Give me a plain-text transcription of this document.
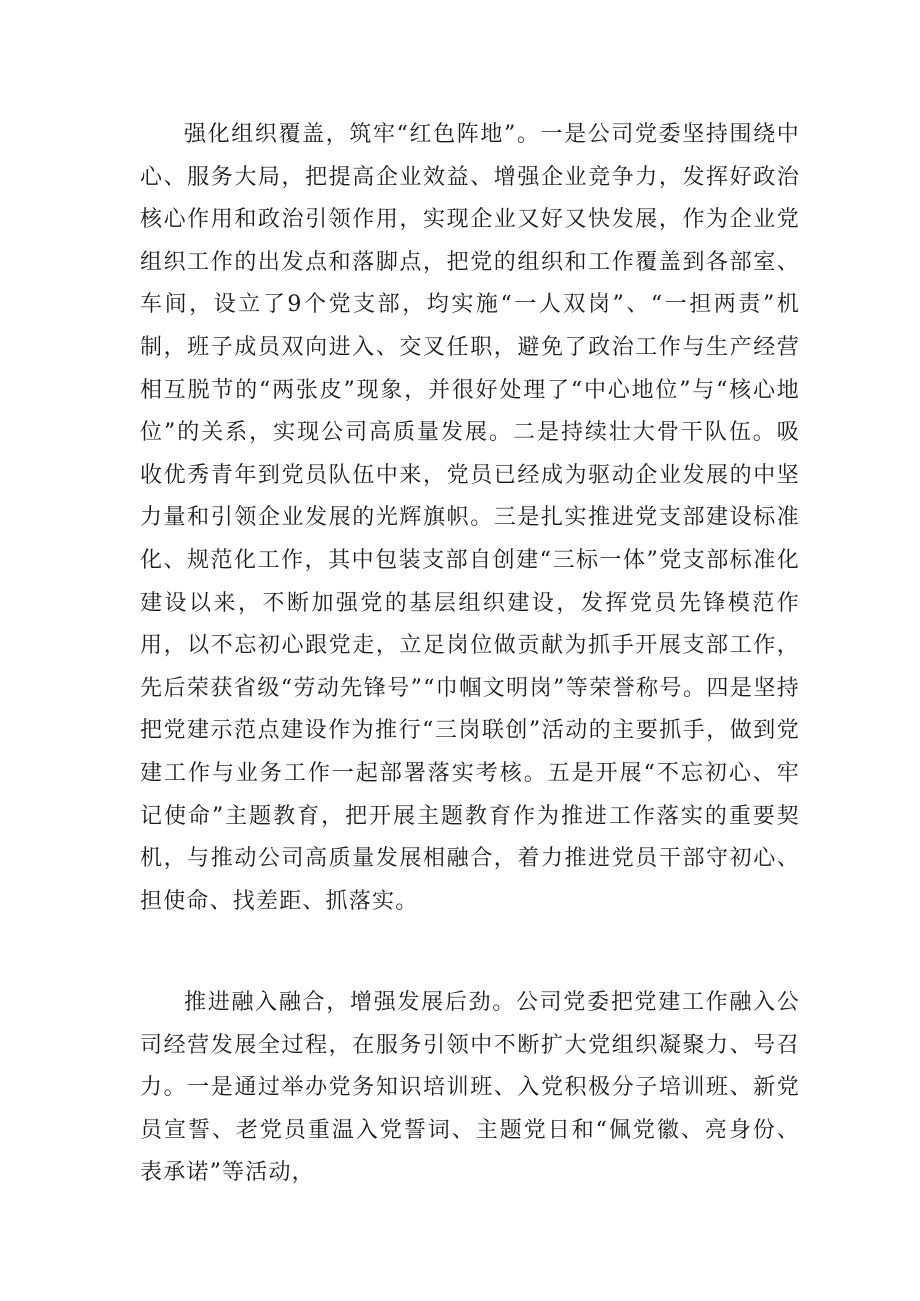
强化组织覆盖，筑牢“红色阵地”。一是公司党委坚持围绕中心、服务大局，把提高企业效益、增强企业竞争力，发挥好政治核心作用和政治引领作用，实现企业又好又快发展，作为企业党组织工作的出发点和落脚点，把党的组织和工作覆盖到各部室、车间，设立了9个党支部，均实施“一人双岗”、“一担两责”机制，班子成员双向进入、交叉任职，避免了政治工作与生产经营相互脱节的“两张皮”现象，并很好处理了“中心地位”与“核心地位”的关系，实现公司高质量发展。二是持续壮大骨干队伍。吸收优秀青年到党员队伍中来，党员已经成为驱动企业发展的中坚力量和引领企业发展的光辉旗帜。三是扎实推进党支部建设标准化、规范化工作，其中包装支部自创建“三标一体”党支部标准化建设以来，不断加强党的基层组织建设，发挥党员先锋模范作用，以不忘初心跟党走，立足岗位做贡献为抓手开展支部工作，先后荣获省级“劳动先锋号”“巾帼文明岗”等荣誉称号。四是坚持把党建示范点建设作为推行“三岗联创”活动的主要抓手，做到党建工作与业务工作一起部署落实考核。五是开展“不忘初心、牢记使命”主题教育，把开展主题教育作为推进工作落实的重要契机，与推动公司高质量发展相融合，着力推进党员干部守初心、担使命、找差距、抓落实。

推进融入融合，增强发展后劲。公司党委把党建工作融入公司经营发展全过程，在服务引领中不断扩大党组织凝聚力、号召力。一是通过举办党务知识培训班、入党积极分子培训班、新党员宣誓、老党员重温入党誓词、主题党日和“佩党徽、亮身份、表承诺”等活动，
